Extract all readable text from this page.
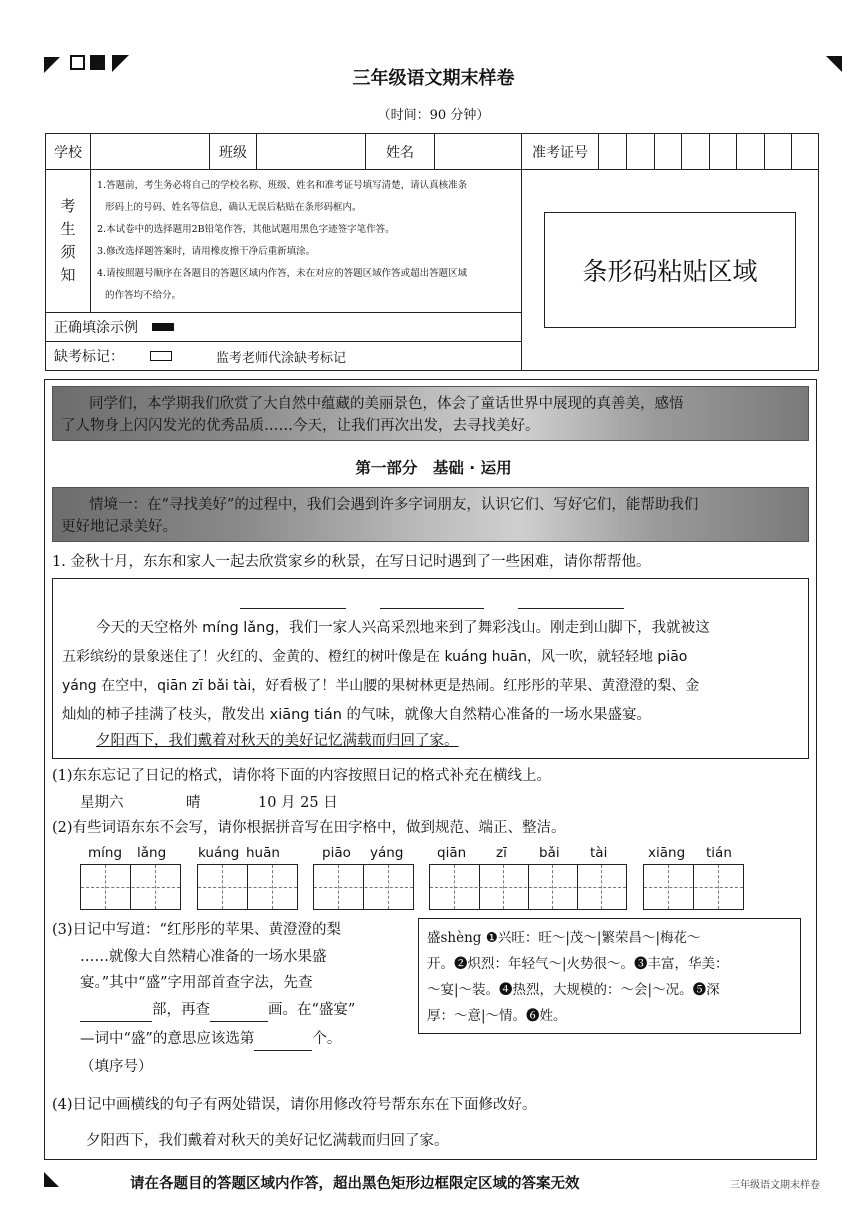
三年级语文期末样卷
（时间：90 分钟）
学校	班级	姓名	准考证号
考
生
须
知
1.答题前，考生务必将自己的学校名称、班级、姓名和准考证号填写清楚，请认真核准条
形码上的号码、姓名等信息，确认无误后粘贴在条形码框内。
2.本试卷中的选择题用2B铅笔作答，其他试题用黑色字迹签字笔作答。
3.修改选择题答案时，请用橡皮擦干净后重新填涂。
4.请按照题号顺序在各题目的答题区域内作答，未在对应的答题区域作答或超出答题区域
的作答均不给分。
条形码粘贴区域
正确填涂示例
缺考标记：	监考老师代涂缺考标记
同学们，本学期我们欣赏了大自然中蕴藏的美丽景色，体会了童话世界中展现的真善美，感悟
了人物身上闪闪发光的优秀品质……今天，让我们再次出发，去寻找美好。
第一部分　基础 · 运用
情境一：在“寻找美好”的过程中，我们会遇到许多字词朋友，认识它们、写好它们，能帮助我们
更好地记录美好。
1. 金秋十月，东东和家人一起去欣赏家乡的秋景，在写日记时遇到了一些困难，请你帮帮他。
今天的天空格外 míng lǎng，我们一家人兴高采烈地来到了舞彩浅山。刚走到山脚下，我就被这
五彩缤纷的景象迷住了！火红的、金黄的、橙红的树叶像是在 kuáng huān，风一吹，就轻轻地 piāo
yáng 在空中，qiān zī bǎi tài，好看极了！半山腰的果树林更是热闹。红彤彤的苹果、黄澄澄的梨、金
灿灿的柿子挂满了枝头，散发出 xiāng tián 的气味，就像大自然精心准备的一场水果盛宴。
夕阳西下，我们戴着对秋天的美好记忆满载而归回了家。
(1)东东忘记了日记的格式，请你将下面的内容按照日记的格式补充在横线上。
星期六	晴	10 月 25 日
(2)有些词语东东不会写，请你根据拼音写在田字格中，做到规范、端正、整洁。
míng lǎng kuáng huān	piāo yáng qiān zī bǎi tài	xiāng tián
(3)日记中写道：“红彤彤的苹果、黄澄澄的梨
……就像大自然精心准备的一场水果盛
宴。”其中“盛”字用部首查字法，先查
部，再查	画。在“盛宴”
—词中“盛”的意思应该选第	个。
（填序号）
盛shèng ❶兴旺：旺～|茂～|繁荣昌～|梅花～
开。❷炽烈：年轻气～|火势很～。❸丰富，华美：
～宴|～装。❹热烈，大规模的：～会|～况。❺深
厚：～意|～情。❻姓。
(4)日记中画横线的句子有两处错误，请你用修改符号帮东东在下面修改好。
夕阳西下，我们戴着对秋天的美好记忆满载而归回了家。
请在各题目的答题区域内作答，超出黑色矩形边框限定区域的答案无效	三年级语文期末样卷
